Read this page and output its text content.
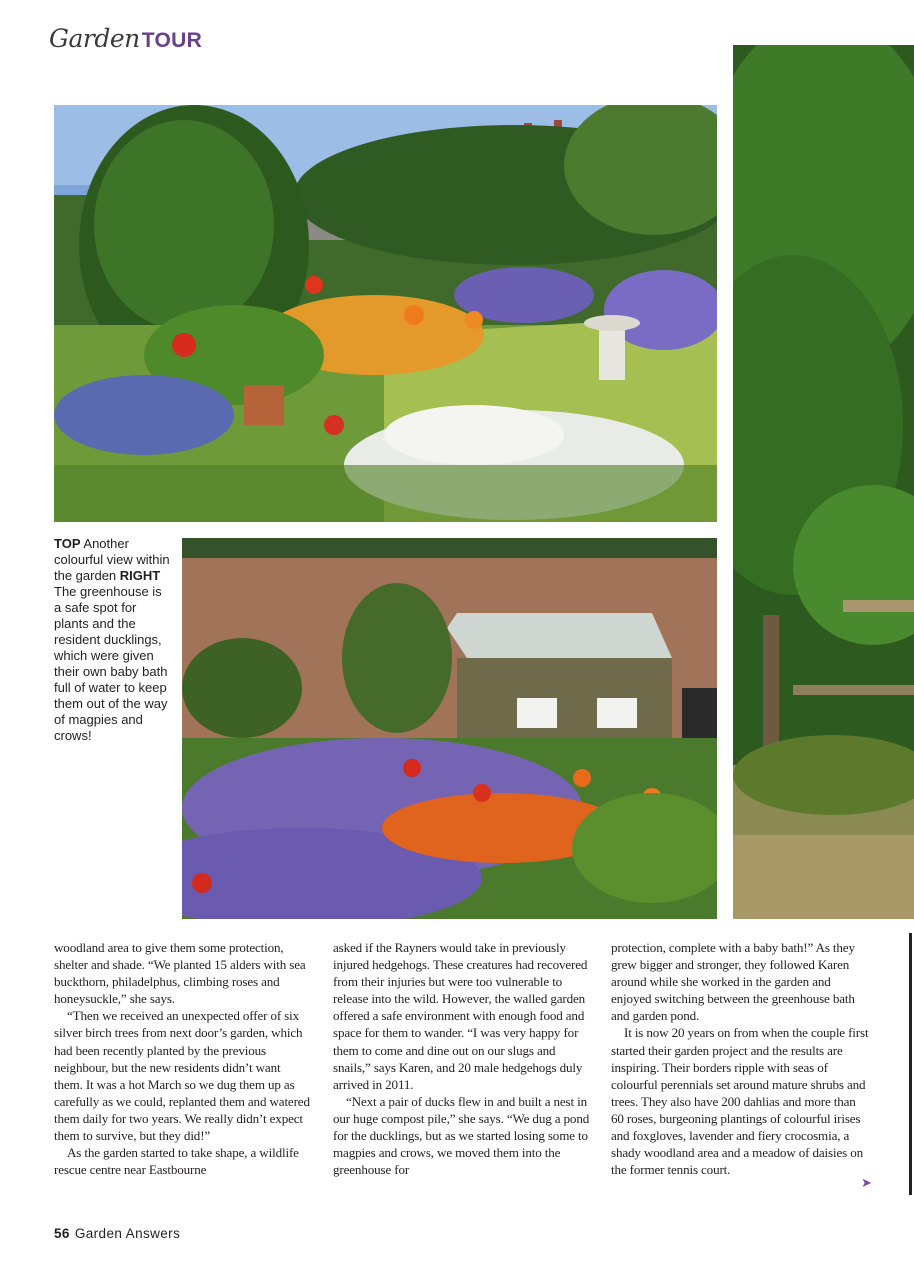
Garden TOUR
TOP Another colourful view within the garden RIGHT The greenhouse is a safe spot for plants and the resident ducklings, which were given their own baby bath full of water to keep them out of the way of magpies and crows!

woodland area to give them some protection, shelter and shade. “We planted 15 alders with sea buckthorn, philadelphus, climbing roses and honeysuckle,” she says.

“Then we received an unexpected offer of six silver birch trees from next door’s garden, which had been recently planted by the previous neighbour, but the new residents didn’t want them. It was a hot March so we dug them up as carefully as we could, replanted them and watered them daily for two years. We really didn’t expect them to survive, but they did!”

As the garden started to take shape, a wildlife rescue centre near Eastbourne

asked if the Rayners would take in previously injured hedgehogs. These creatures had recovered from their injuries but were too vulnerable to release into the wild. However, the walled garden offered a safe environment with enough food and space for them to wander. “I was very happy for them to come and dine out on our slugs and snails,” says Karen, and 20 male hedgehogs duly arrived in 2011.

“Next a pair of ducks flew in and built a nest in our huge compost pile,” she says. “We dug a pond for the ducklings, but as we started losing some to magpies and crows, we moved them into the greenhouse for

protection, complete with a baby bath!” As they grew bigger and stronger, they followed Karen around while she worked in the garden and enjoyed switching between the greenhouse bath and garden pond.

It is now 20 years on from when the couple first started their garden project and the results are inspiring. Their borders ripple with seas of colourful perennials set around mature shrubs and trees. They also have 200 dahlias and more than 60 roses, burgeoning plantings of colourful irises and foxgloves, lavender and fiery crocosmia, a shady woodland area and a meadow of daisies on the former tennis court.

➤
56 Garden Answers
